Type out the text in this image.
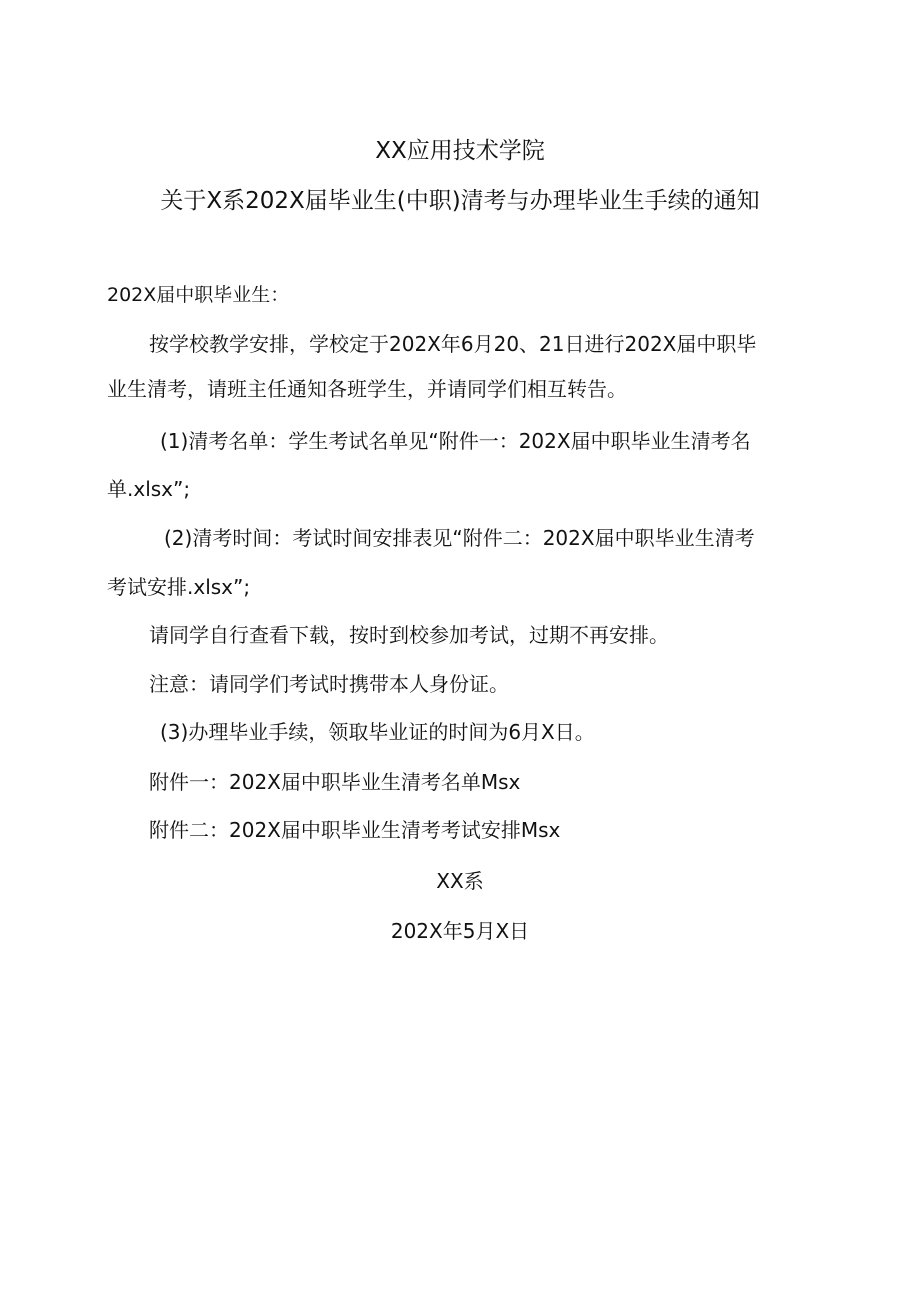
XX应用技术学院
关于X系202X届毕业生(中职)清考与办理毕业生手续的通知
202X届中职毕业生：
按学校教学安排，学校定于202X年6月20、21日进行202X届中职毕
业生清考，请班主任通知各班学生，并请同学们相互转告。
(1)清考名单：学生考试名单见“附件一：202X届中职毕业生清考名
单.xlsx”;
(2)清考时间：考试时间安排表见“附件二：202X届中职毕业生清考
考试安排.xlsx”;
请同学自行查看下载，按时到校参加考试，过期不再安排。
注意：请同学们考试时携带本人身份证。
(3)办理毕业手续，领取毕业证的时间为6月X日。
附件一：202X届中职毕业生清考名单Msx
附件二：202X届中职毕业生清考考试安排Msx
XX系
202X年5月X日
